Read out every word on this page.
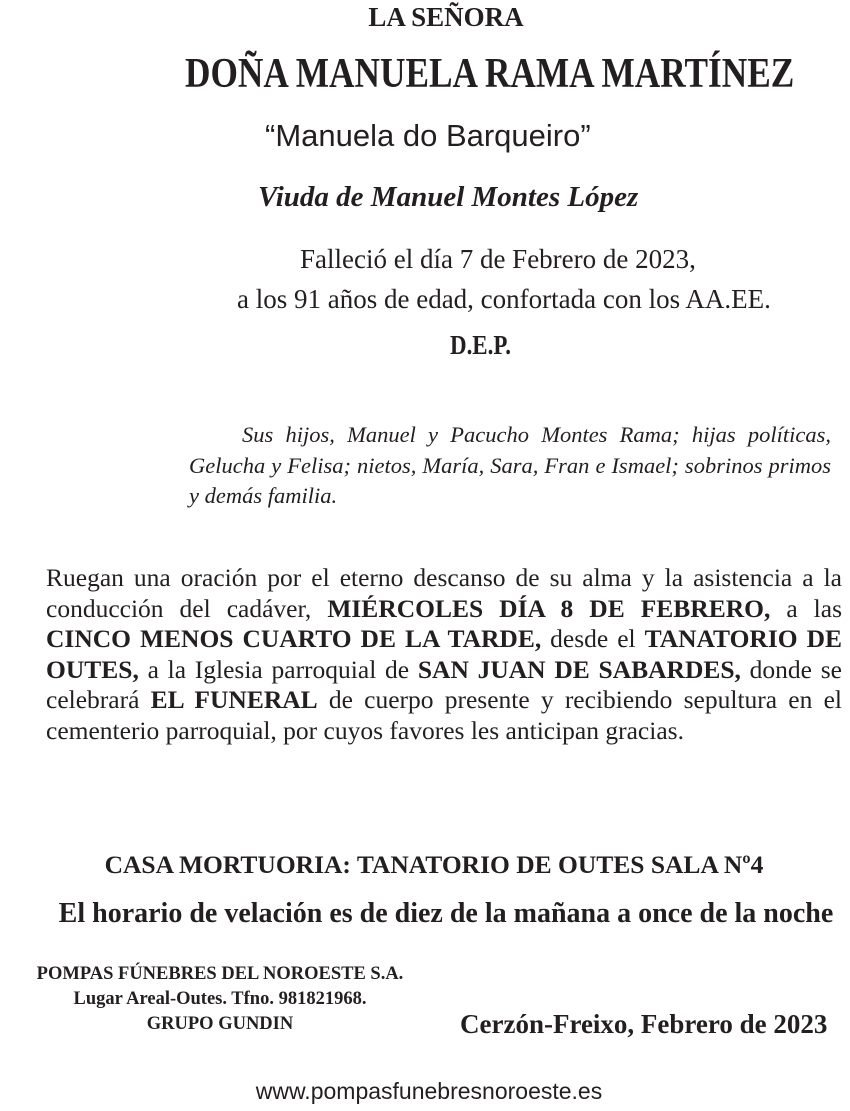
LA SEÑORA
DOÑA MANUELA RAMA MARTÍNEZ
“Manuela do Barqueiro”
Viuda de Manuel Montes López
Falleció el día 7 de Febrero de 2023,
a los 91 años de edad, confortada con los AA.EE.
D.E.P.
Sus hijos, Manuel y Pacucho Montes Rama; hijas políticas, Gelucha y Felisa; nietos, María, Sara, Fran e Ismael; sobrinos primos y demás familia.
Ruegan una oración por el eterno descanso de su alma y la asistencia a la conducción del cadáver, MIÉRCOLES DÍA 8 DE FEBRERO, a las CINCO MENOS CUARTO DE LA TARDE, desde el TANATORIO DE OUTES, a la Iglesia parroquial de SAN JUAN DE SABARDES, donde se celebrará EL FUNERAL de cuerpo presente y recibiendo sepultura en el cementerio parroquial, por cuyos favores les anticipan gracias.
CASA MORTUORIA: TANATORIO DE OUTES SALA Nº4
El horario de velación es de diez de la mañana a once de la noche
POMPAS FÚNEBRES DEL NOROESTE S.A.
Lugar Areal-Outes. Tfno. 981821968.
GRUPO GUNDIN	Cerzón-Freixo, Febrero de 2023
www.pompasfunebresnoroeste.es
